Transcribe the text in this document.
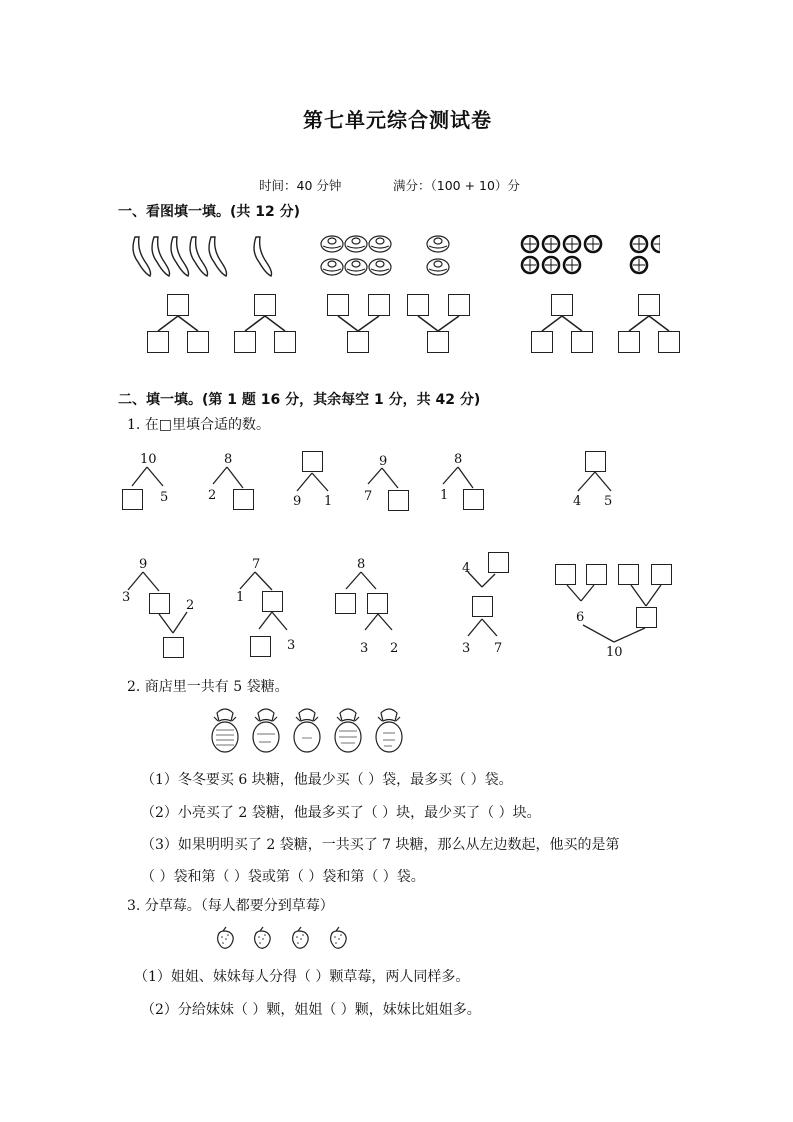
第七单元综合测试卷
时间：40 分钟	满分：（100 + 10）分
一、看图填一填。(共 12 分)
二、填一填。(第 1 题 16 分，其余每空 1 分，共 42 分)
1. 在□里填合适的数。
10
5
8
2	9 1
9
7
8
1	4 5
9
3
2
7
1
3
8
3 2
4
3 7
6
10
2. 商店里一共有 5 袋糖。
（1）冬冬要买 6 块糖，他最少买（ ）袋，最多买（ ）袋。
（2）小亮买了 2 袋糖，他最多买了（ ）块，最少买了（ ）块。
（3）如果明明买了 2 袋糖，一共买了 7 块糖，那么从左边数起，他买的是第
（ ）袋和第（ ）袋或第（ ）袋和第（ ）袋。
3. 分草莓。（每人都要分到草莓）
（1）姐姐、妹妹每人分得（ ）颗草莓，两人同样多。
（2）分给妹妹（ ）颗，姐姐（ ）颗，妹妹比姐姐多。
